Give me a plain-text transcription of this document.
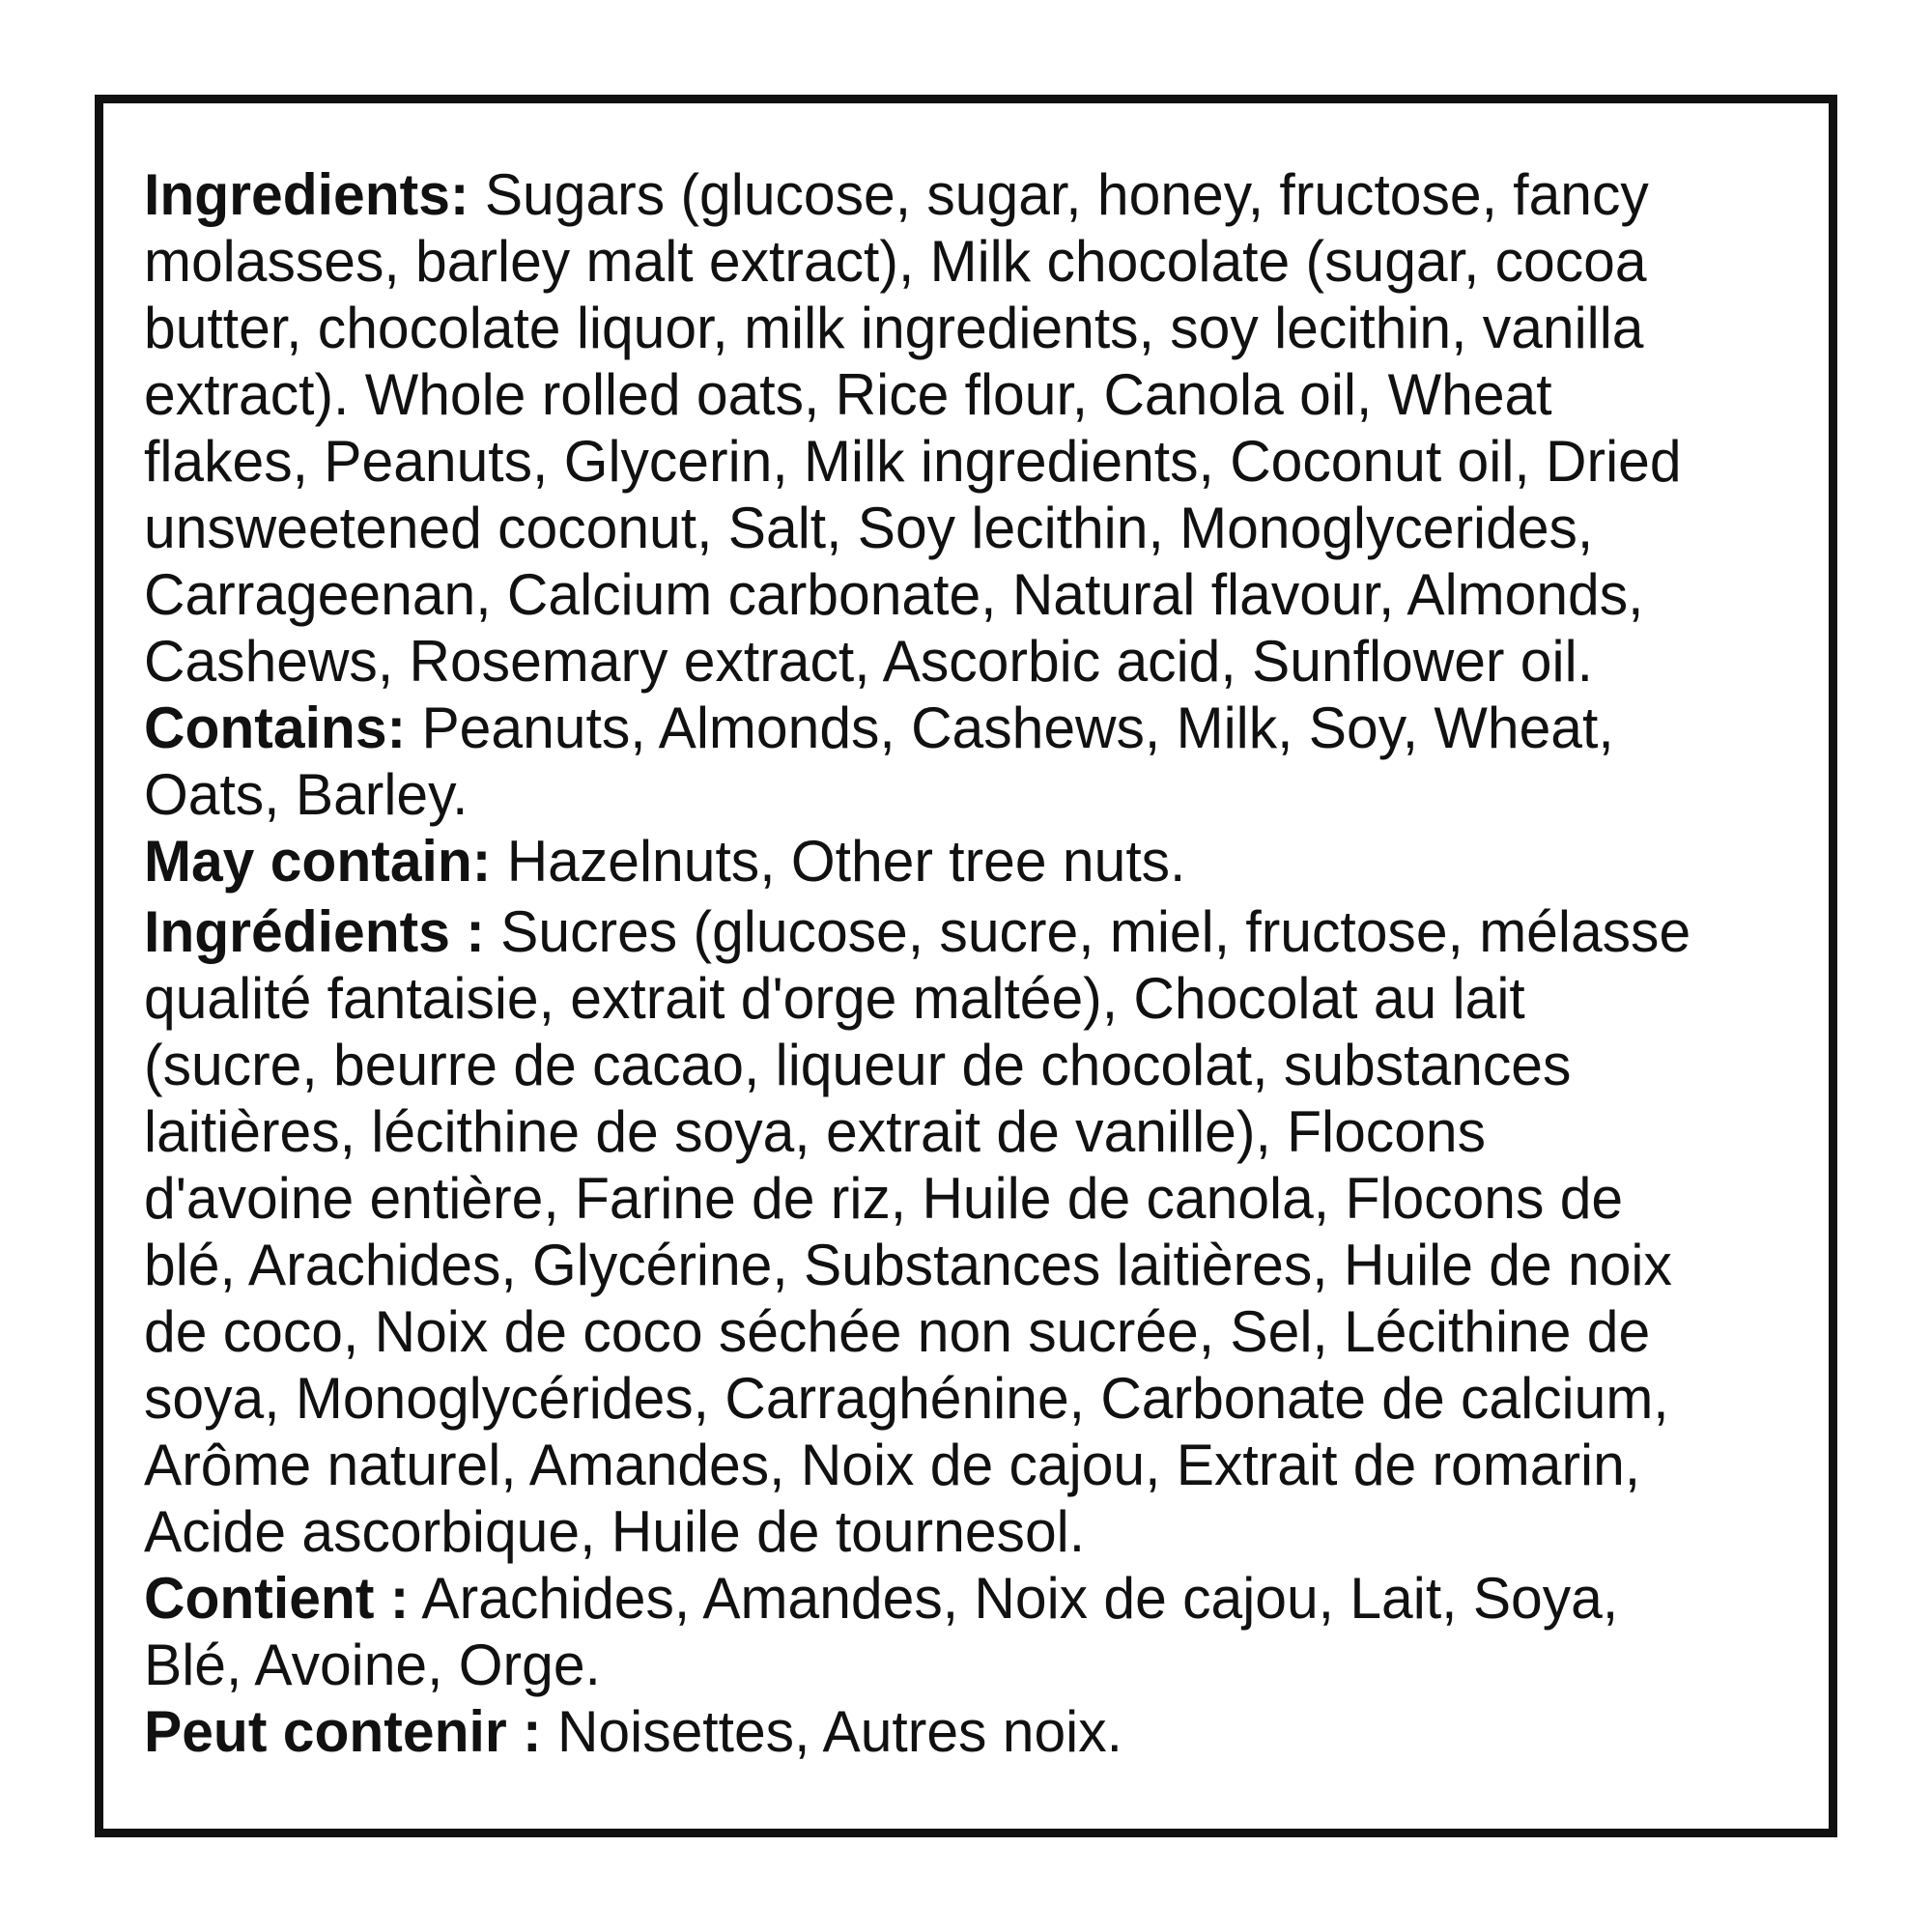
Ingredients: Sugars (glucose, sugar, honey, fructose, fancy
molasses, barley malt extract), Milk chocolate (sugar, cocoa
butter, chocolate liquor, milk ingredients, soy lecithin, vanilla
extract). Whole rolled oats, Rice flour, Canola oil, Wheat
flakes, Peanuts, Glycerin, Milk ingredients, Coconut oil, Dried
unsweetened coconut, Salt, Soy lecithin, Monoglycerides,
Carrageenan, Calcium carbonate, Natural flavour, Almonds,
Cashews, Rosemary extract, Ascorbic acid, Sunflower oil.
Contains: Peanuts, Almonds, Cashews, Milk, Soy, Wheat,
Oats, Barley.
May contain: Hazelnuts, Other tree nuts.
Ingrédients : Sucres (glucose, sucre, miel, fructose, mélasse
qualité fantaisie, extrait d'orge maltée), Chocolat au lait
(sucre, beurre de cacao, liqueur de chocolat, substances
laitières, lécithine de soya, extrait de vanille), Flocons
d'avoine entière, Farine de riz, Huile de canola, Flocons de
blé, Arachides, Glycérine, Substances laitières, Huile de noix
de coco, Noix de coco séchée non sucrée, Sel, Lécithine de
soya, Monoglycérides, Carraghénine, Carbonate de calcium,
Arôme naturel, Amandes, Noix de cajou, Extrait de romarin,
Acide ascorbique, Huile de tournesol.
Contient : Arachides, Amandes, Noix de cajou, Lait, Soya,
Blé, Avoine, Orge.
Peut contenir : Noisettes, Autres noix.
